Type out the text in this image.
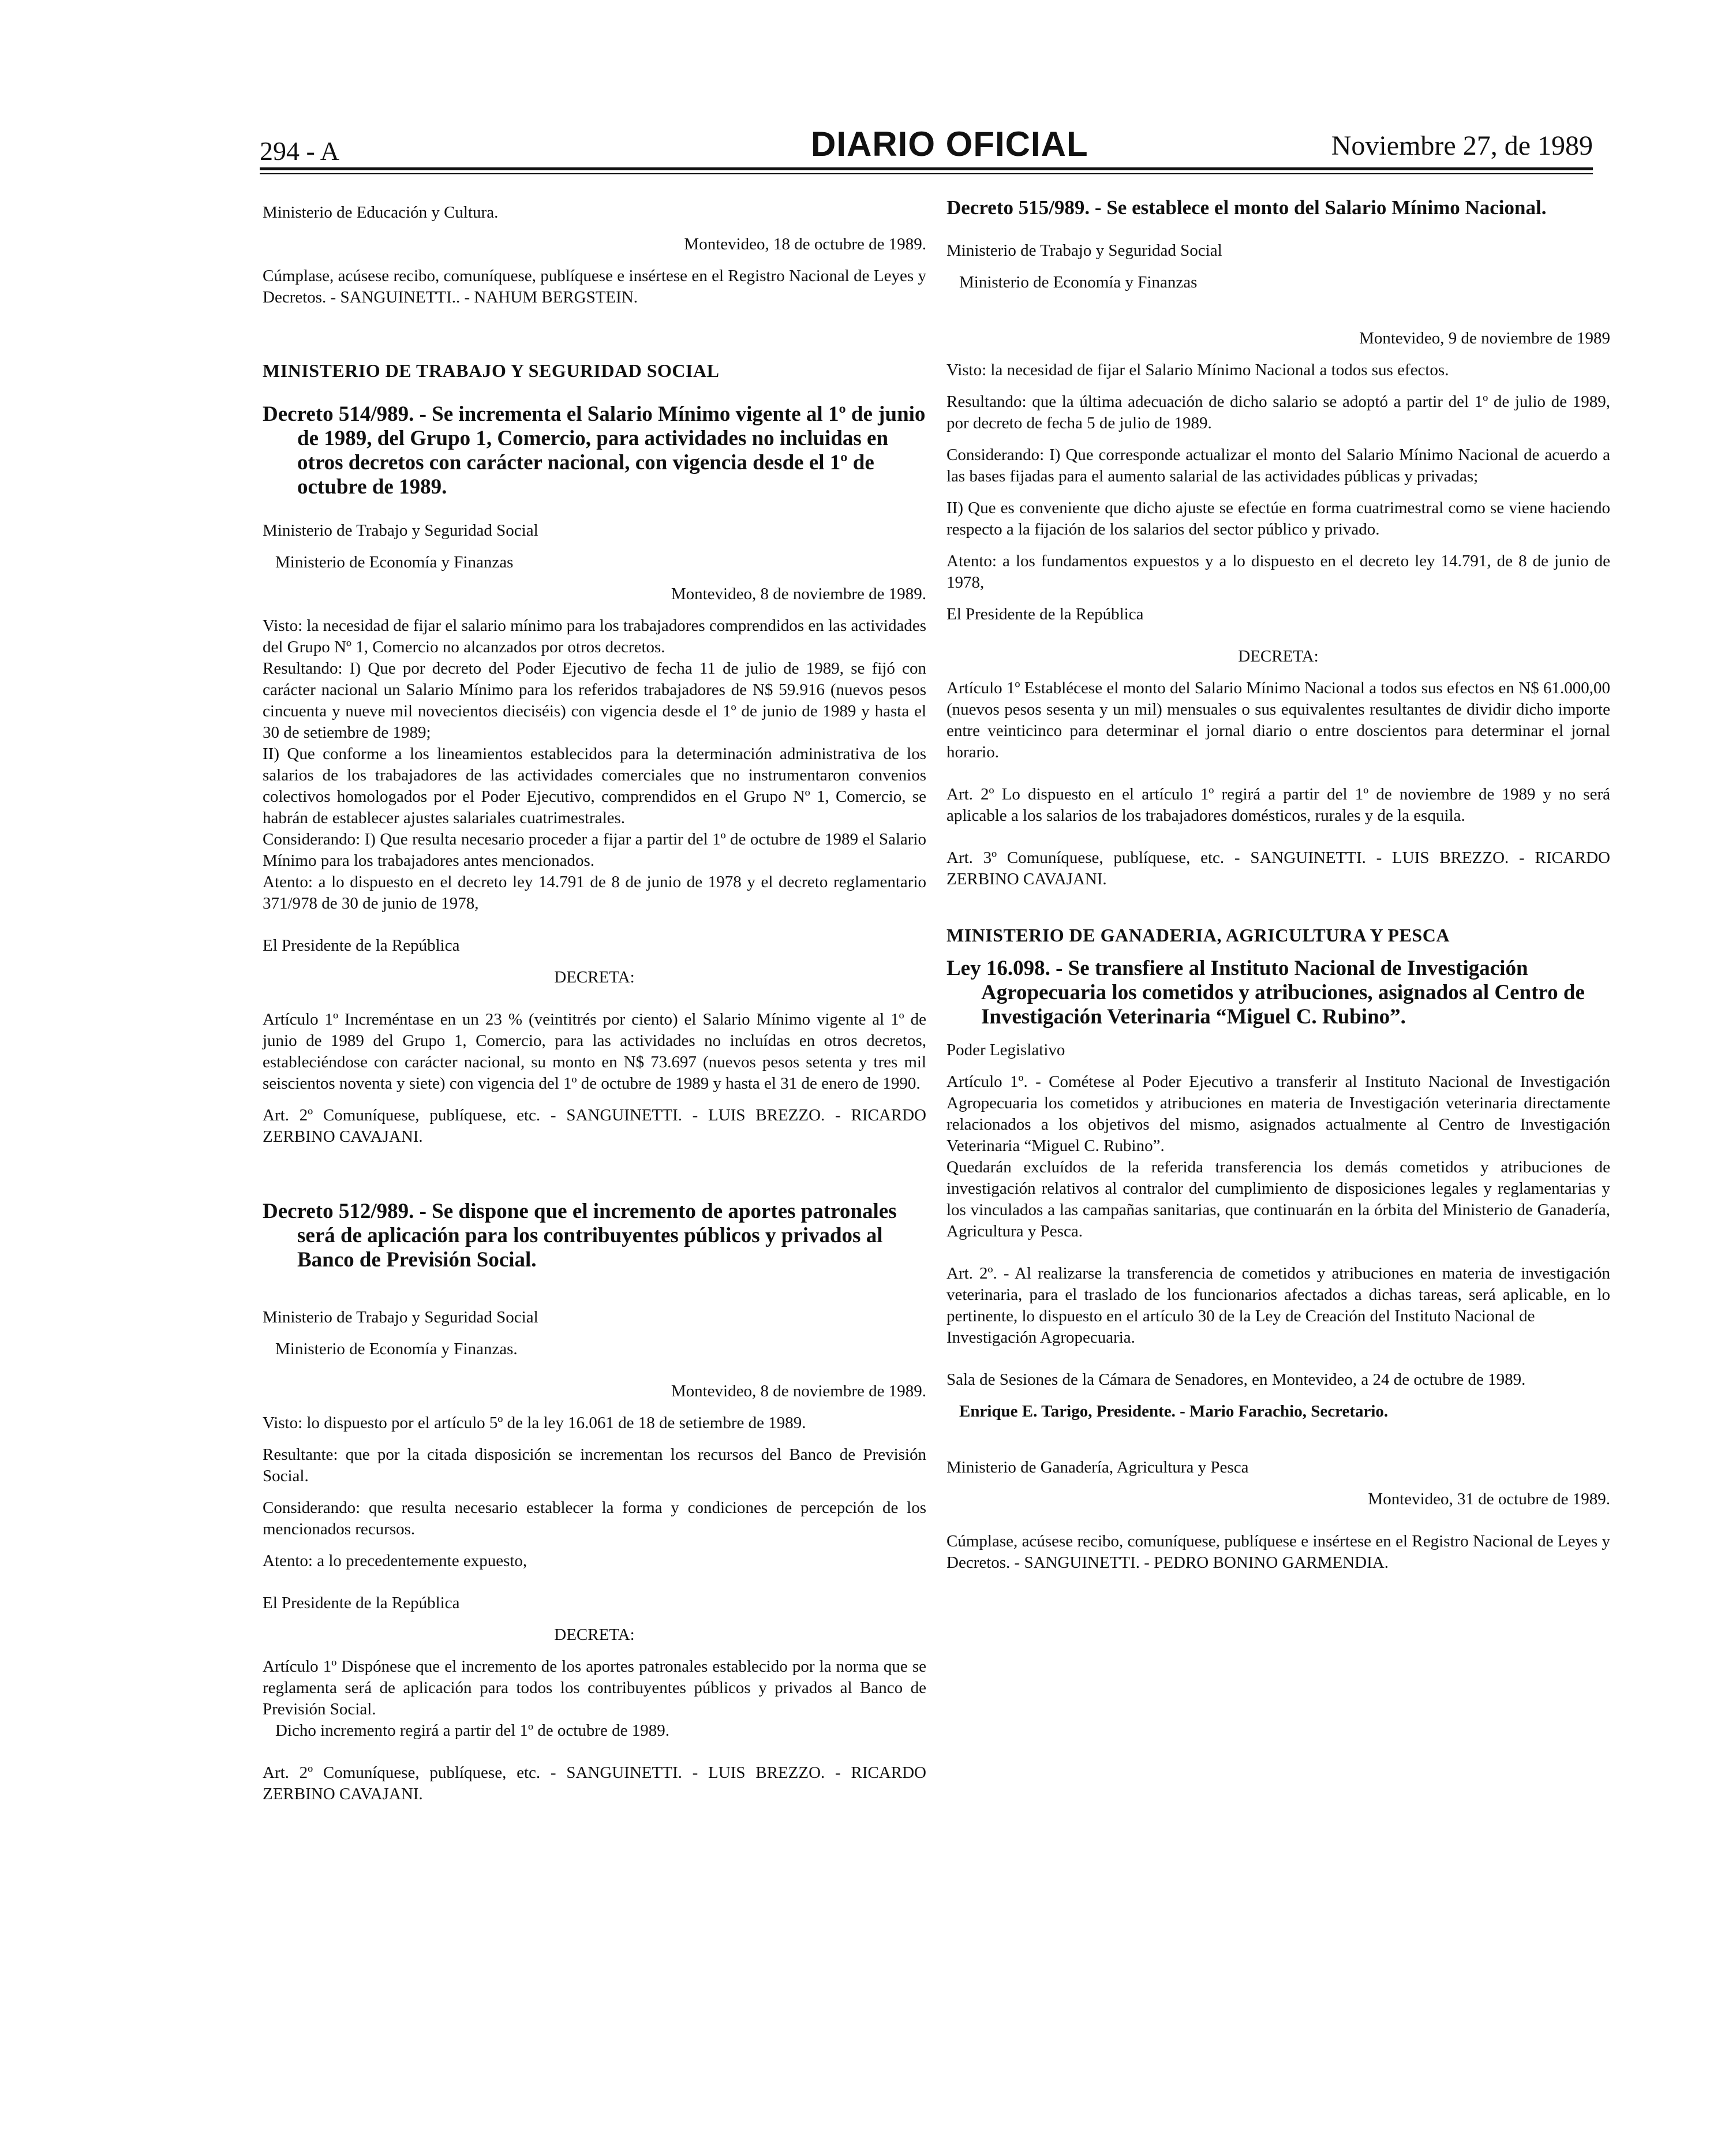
294 - A	DIARIO OFICIAL	Noviembre 27, de 1989

Ministerio de Educación y Cultura.

Montevideo, 18 de octubre de 1989.

Cúmplase, acúsese recibo, comuníquese, publíquese e insértese en el Registro Nacional de Leyes y Decretos. - SANGUINETTI.. - NAHUM BERGSTEIN.

MINISTERIO DE TRABAJO Y SEGURIDAD SOCIAL

Decreto 514/989. - Se incrementa el Salario Mínimo vigente al 1º de junio de 1989, del Grupo 1, Comercio, para actividades no incluidas en otros decretos con carácter nacional, con vigencia desde el 1º de octubre de 1989.

Ministerio de Trabajo y Seguridad Social

Ministerio de Economía y Finanzas

Montevideo, 8 de noviembre de 1989.

Visto: la necesidad de fijar el salario mínimo para los trabajadores comprendidos en las actividades del Grupo Nº 1, Comercio no alcanzados por otros decretos.

Resultando: I) Que por decreto del Poder Ejecutivo de fecha 11 de julio de 1989, se fijó con carácter nacional un Salario Mínimo para los referidos trabajadores de N$ 59.916 (nuevos pesos cincuenta y nueve mil novecientos dieciséis) con vigencia desde el 1º de junio de 1989 y hasta el 30 de setiembre de 1989;

II) Que conforme a los lineamientos establecidos para la determinación administrativa de los salarios de los trabajadores de las actividades comerciales que no instrumentaron convenios colectivos homologados por el Poder Ejecutivo, comprendidos en el Grupo Nº 1, Comercio, se habrán de establecer ajustes salariales cuatrimestrales.

Considerando: I) Que resulta necesario proceder a fijar a partir del 1º de octubre de 1989 el Salario Mínimo para los trabajadores antes mencionados.

Atento: a lo dispuesto en el decreto ley 14.791 de 8 de junio de 1978 y el decreto reglamentario 371/978 de 30 de junio de 1978,

El Presidente de la República

DECRETA:

Artículo 1º Increméntase en un 23 % (veintitrés por ciento) el Salario Mínimo vigente al 1º de junio de 1989 del Grupo 1, Comercio, para las actividades no incluídas en otros decretos, estableciéndose con carácter nacional, su monto en N$ 73.697 (nuevos pesos setenta y tres mil seiscientos noventa y siete) con vigencia del 1º de octubre de 1989 y hasta el 31 de enero de 1990.

Art. 2º Comuníquese, publíquese, etc. - SANGUINETTI. - LUIS BREZZO. - RICARDO ZERBINO CAVAJANI.

Decreto 512/989. - Se dispone que el incremento de aportes patronales será de aplicación para los contribuyentes públicos y privados al Banco de Previsión Social.

Ministerio de Trabajo y Seguridad Social

Ministerio de Economía y Finanzas.

Montevideo, 8 de noviembre de 1989.

Visto: lo dispuesto por el artículo 5º de la ley 16.061 de 18 de setiembre de 1989.

Resultante: que por la citada disposición se incrementan los recursos del Banco de Previsión Social.

Considerando: que resulta necesario establecer la forma y condiciones de percepción de los mencionados recursos.

Atento: a lo precedentemente expuesto,

El Presidente de la República

DECRETA:

Artículo 1º Dispónese que el incremento de los aportes patronales establecido por la norma que se reglamenta será de aplicación para todos los contribuyentes públicos y privados al Banco de Previsión Social.

Dicho incremento regirá a partir del 1º de octubre de 1989.

Art. 2º Comuníquese, publíquese, etc. - SANGUINETTI. - LUIS BREZZO. - RICARDO ZERBINO CAVAJANI.

Decreto 515/989. - Se establece el monto del Salario Mínimo Nacional.

Ministerio de Trabajo y Seguridad Social

Ministerio de Economía y Finanzas

Montevideo, 9 de noviembre de 1989

Visto: la necesidad de fijar el Salario Mínimo Nacional a todos sus efectos.

Resultando: que la última adecuación de dicho salario se adoptó a partir del 1º de julio de 1989, por decreto de fecha 5 de julio de 1989.

Considerando: I) Que corresponde actualizar el monto del Salario Mínimo Nacional de acuerdo a las bases fijadas para el aumento salarial de las actividades públicas y privadas;

II) Que es conveniente que dicho ajuste se efectúe en forma cuatrimestral como se viene haciendo respecto a la fijación de los salarios del sector público y privado.

Atento: a los fundamentos expuestos y a lo dispuesto en el decreto ley 14.791, de 8 de junio de 1978,

El Presidente de la República

DECRETA:

Artículo 1º Establécese el monto del Salario Mínimo Nacional a todos sus efectos en N$ 61.000,00 (nuevos pesos sesenta y un mil) mensuales o sus equivalentes resultantes de dividir dicho importe entre veinticinco para determinar el jornal diario o entre doscientos para determinar el jornal horario.

Art. 2º Lo dispuesto en el artículo 1º regirá a partir del 1º de noviembre de 1989 y no será aplicable a los salarios de los trabajadores domésticos, rurales y de la esquila.

Art. 3º Comuníquese, publíquese, etc. - SANGUINETTI. - LUIS BREZZO. - RICARDO ZERBINO CAVAJANI.

MINISTERIO DE GANADERIA, AGRICULTURA Y PESCA

Ley 16.098. - Se transfiere al Instituto Nacional de Investigación Agropecuaria los cometidos y atribuciones, asignados al Centro de Investigación Veterinaria “Miguel C. Rubino”.

Poder Legislativo

Artículo 1º. - Cométese al Poder Ejecutivo a transferir al Instituto Nacional de Investigación Agropecuaria los cometidos y atribuciones en materia de Investigación veterinaria directamente relacionados a los objetivos del mismo, asignados actualmente al Centro de Investigación Veterinaria “Miguel C. Rubino”.

Quedarán excluídos de la referida transferencia los demás cometidos y atribuciones de investigación relativos al contralor del cumplimiento de disposiciones legales y reglamentarias y los vinculados a las campañas sanitarias, que continuarán en la órbita del Ministerio de Ganadería, Agricultura y Pesca.

Art. 2º. - Al realizarse la transferencia de cometidos y atribuciones en materia de investigación veterinaria, para el traslado de los funcionarios afectados a dichas tareas, será aplicable, en lo pertinente, lo dispuesto en el artículo 30 de la Ley de Creación del Instituto Nacional de

Investigación Agropecuaria.

Sala de Sesiones de la Cámara de Senadores, en Montevideo, a 24 de octubre de 1989.

Enrique E. Tarigo, Presidente. - Mario Farachio, Secretario.

Ministerio de Ganadería, Agricultura y Pesca

Montevideo, 31 de octubre de 1989.

Cúmplase, acúsese recibo, comuníquese, publíquese e insértese en el Registro Nacional de Leyes y Decretos. - SANGUINETTI. - PEDRO BONINO GARMENDIA.
